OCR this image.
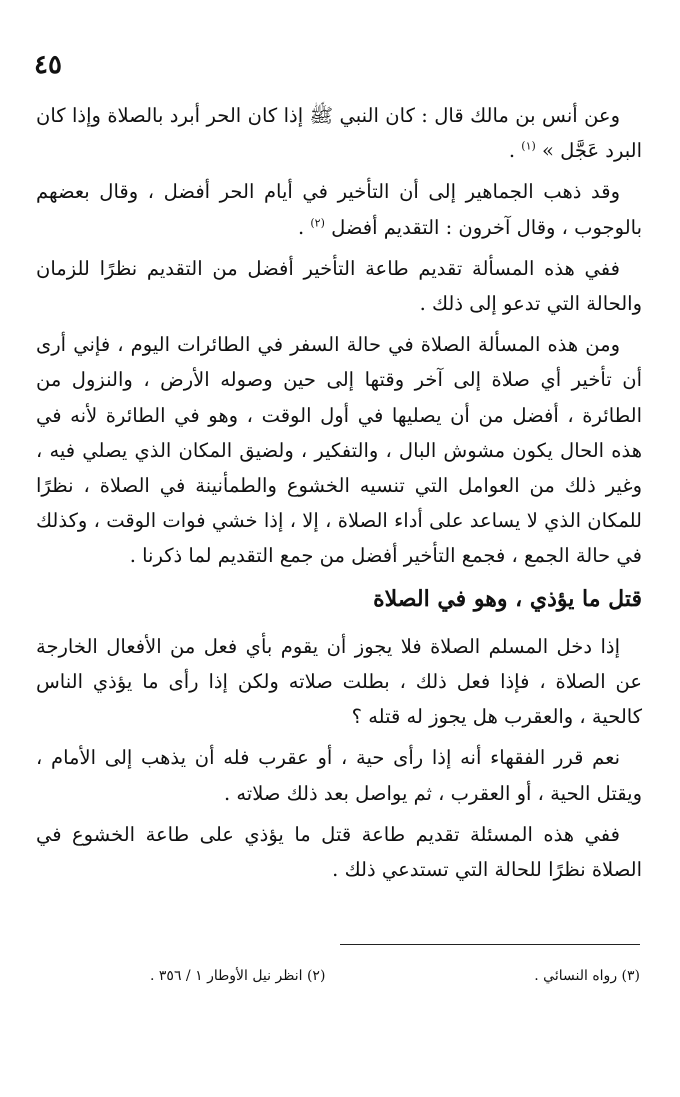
٤٥

وعن أنس بن مالك قال : كان النبي ﷺ إذا كان الحر أبرد بالصلاة وإذا كان البرد عَجَّل » $^{(١)}$ .

وقد ذهب الجماهير إلى أن التأخير في أيام الحر أفضل ، وقال بعضهم بالوجوب ، وقال آخرون : التقديم أفضل $^{(٢)}$ .

ففي هذه المسألة تقديم طاعة التأخير أفضل من التقديم نظرًا للزمان والحالة التي تدعو إلى ذلك .

ومن هذه المسألة الصلاة في حالة السفر في الطائرات اليوم ، فإني أرى أن تأخير أي صلاة إلى آخر وقتها إلى حين وصوله الأرض ، والنزول من الطائرة ، أفضل من أن يصليها في أول الوقت ، وهو في الطائرة لأنه في هذه الحال يكون مشوش البال ، والتفكير ، ولضيق المكان الذي يصلي فيه ، وغير ذلك من العوامل التي تنسيه الخشوع والطمأنينة في الصلاة ، نظرًا للمكان الذي لا يساعد على أداء الصلاة ، إلا ، إذا خشي فوات الوقت ، وكذلك في حالة الجمع ، فجمع التأخير أفضل من جمع التقديم لما ذكرنا .

قتل ما يؤذي ، وهو في الصلاة

إذا دخل المسلم الصلاة فلا يجوز أن يقوم بأي فعل من الأفعال الخارجة عن الصلاة ، فإذا فعل ذلك ، بطلت صلاته ولكن إذا رأى ما يؤذي الناس كالحية ، والعقرب هل يجوز له قتله ؟

نعم قرر الفقهاء أنه إذا رأى حية ، أو عقرب فله أن يذهب إلى الأمام ، ويقتل الحية ، أو العقرب ، ثم يواصل بعد ذلك صلاته .

ففي هذه المسئلة تقديم طاعة قتل ما يؤذي على طاعة الخشوع في الصلاة نظرًا للحالة التي تستدعي ذلك .

(٣) رواه النسائي .
(٢) انظر نيل الأوطار ١ / ٣٥٦ .
